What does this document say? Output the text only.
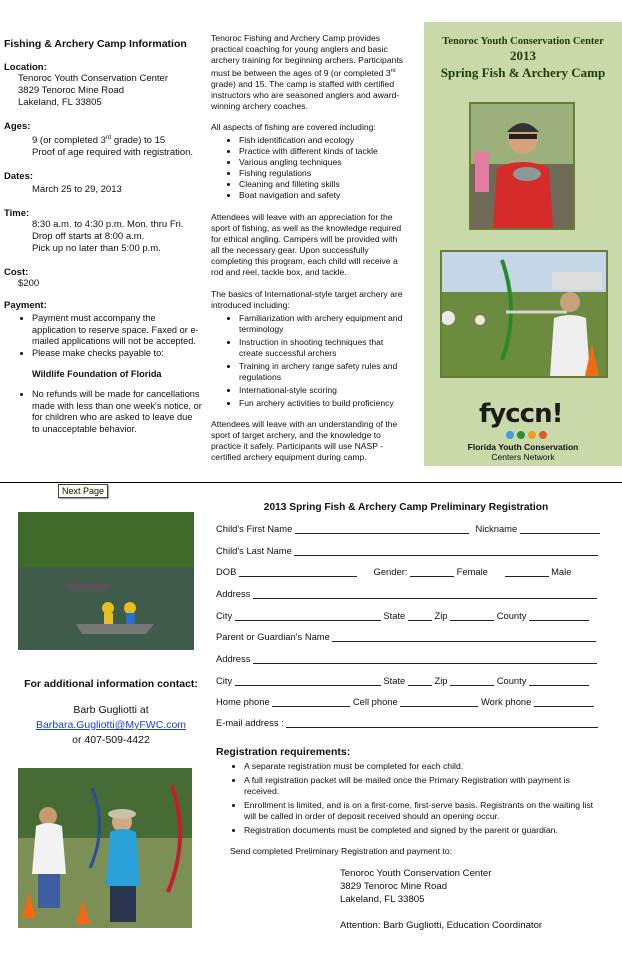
Fishing & Archery Camp Information
Location:
Tenoroc Youth Conservation Center
3829 Tenoroc Mine Road
Lakeland, FL 33805
Ages:
9 (or completed 3rd grade) to 15
Proof of age required with registration.
Dates:
March 25 to 29, 2013
Time:
8:30 a.m. to 4:30 p.m. Mon. thru Fri.
Drop off starts at 8:00 a.m.
Pick up no later than 5:00 p.m.
Cost:
$200
Payment:
• Payment must accompany the application to reserve space. Faxed or e-mailed applications will not be accepted.
• Please make checks payable to:
Wildlife Foundation of Florida
• No refunds will be made for cancellations made with less than one week's notice, or for children who are asked to leave due to unacceptable behavior.
Tenoroc Fishing and Archery Camp provides practical coaching for young anglers and basic archery training for beginning archers. Participants must be between the ages of 9 (or completed 3rd grade) and 15. The camp is staffed with certified instructors who are seasoned anglers and award-winning archery coaches.
All aspects of fishing are covered including:
• Fish identification and ecology
• Practice with different kinds of tackle
• Various angling techniques
• Fishing regulations
• Cleaning and filleting skills
• Boat navigation and safety
Attendees will leave with an appreciation for the sport of fishing, as well as the knowledge required for ethical angling. Campers will be provided with all the necessary gear. Upon successfully completing this program, each child will receive a rod and reel, tackle box, and tackle.
The basics of International-style target archery are introduced including:
• Familiarization with archery equipment and terminology
• Instruction in shooting techniques that create successful archers
• Training in archery range safety rules and regulations
• International-style scoring
• Fun archery activities to build proficiency
Attendees will leave with an understanding of the sport of target archery, and the knowledge to practice it safely. Participants will use NASP - certified archery equipment during camp.
Tenoroc Youth Conservation Center
2013
Spring Fish & Archery Camp
fyccn!
Florida Youth Conservation
Centers Network
Next Page
For additional information contact:
Barb Gugliotti at
Barbara.Gugliotti@MyFWC.com
or 407-509-4422
2013 Spring Fish & Archery Camp Preliminary Registration
Child's First Name	Nickname
Child's Last Name
DOB	Gender:	Female	Male
Address
City	State	Zip	County
Parent or Guardian's Name
Address
City	State	Zip	County
Home phone	Cell phone	Work phone
E-mail address :
Registration requirements:
• A separate registration must be completed for each child.
• A full registration packet will be mailed once the Primary Registration with payment is received.
• Enrollment is limited, and is on a first-come, first-serve basis. Registrants on the waiting list will be called in order of deposit received should an opening occur.
• Registration documents must be completed and signed by the parent or guardian.
Send completed Preliminary Registration and payment to:
Tenoroc Youth Conservation Center
3829 Tenoroc Mine Road
Lakeland, FL 33805
Attention: Barb Gugliotti, Education Coordinator
